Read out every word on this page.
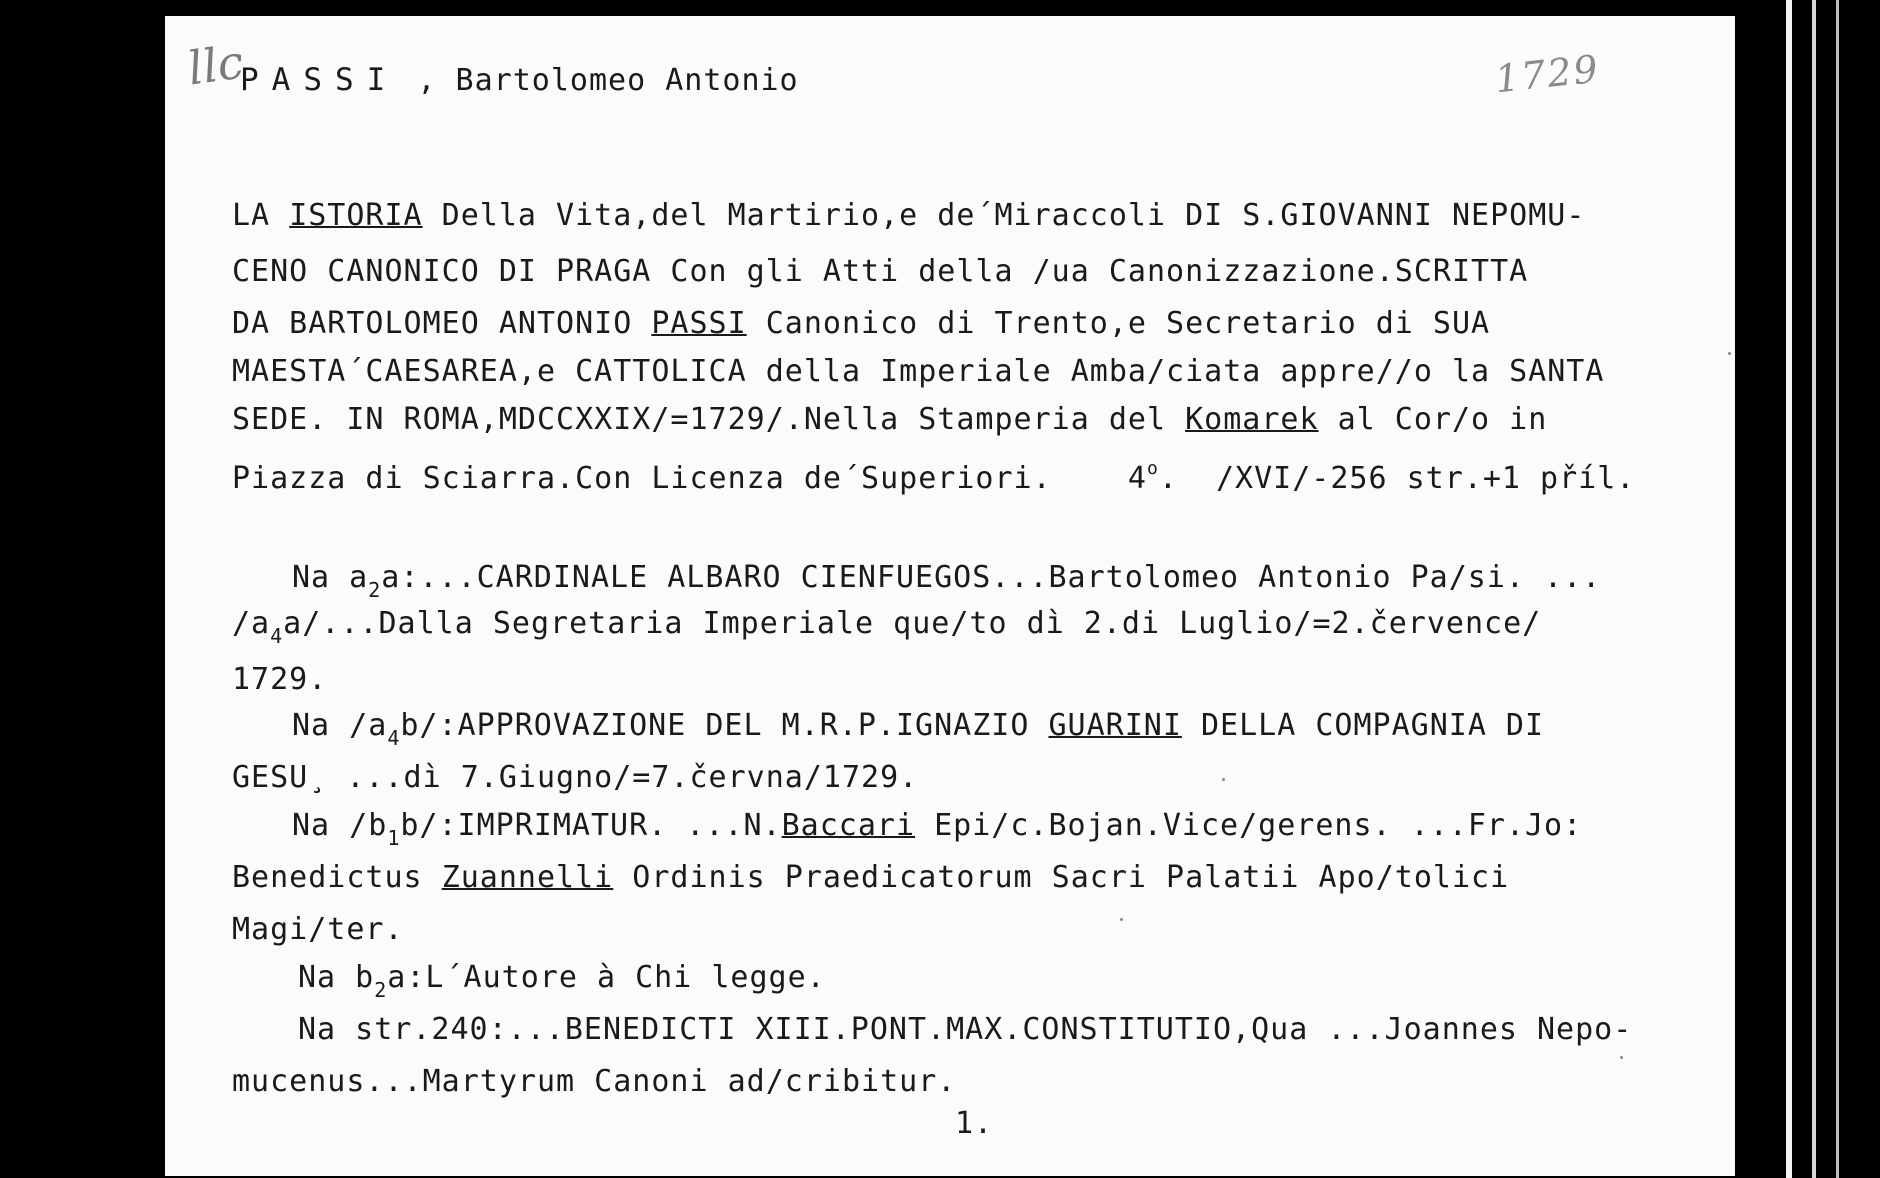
llc	1729
PASSI , Bartolomeo Antonio
LA ISTORIA Della Vita,del Martirio,e de´Miraccoli DI S.GIOVANNI NEPOMU-
CENO CANONICO DI PRAGA Con gli Atti della /ua Canonizzazione.SCRITTA
DA BARTOLOMEO ANTONIO PASSI Canonico di Trento,e Secretario di SUA
MAESTA´CAESAREA,e CATTOLICA della Imperiale Amba/ciata appre//o la SANTA
SEDE. IN ROMA,MDCCXXIX/=1729/.Nella Stamperia del Komarek al Cor/o in
Piazza di Sciarra.Con Licenza de´Superiori.	4$^o$. /XVI/-256 str.+1 příl.
Na $a_2a:...CARDINALE$ ALBARO CIENFUEGOS...Bartolomeo Antonio Pa/si. ...
$/a_4a/...Dalla$ Segretaria Imperiale que/to dì 2.di Luglio/=2.července/
1729.
Na $/a_4b/:APPROVAZIONE$ DEL M.R.P.IGNAZIO GUARINI DELLA COMPAGNIA DI
GESU¸ ...dì 7.Giugno/=7.června/1729.
Na $/b_1b/:IMPRIMATUR$. ...N.Baccari Epi/c.Bojan.Vice/gerens. ...Fr.Jo:
Benedictus Zuannelli Ordinis Praedicatorum Sacri Palatii Apo/tolici
Magi/ter.
Na $b_2a:L´Autore$ à Chi legge.
Na str.240:...BENEDICTI XIII.PONT.MAX.CONSTITUTIO,Qua ...Joannes Nepo-
mucenus...Martyrum Canoni ad/cribitur.
1.
